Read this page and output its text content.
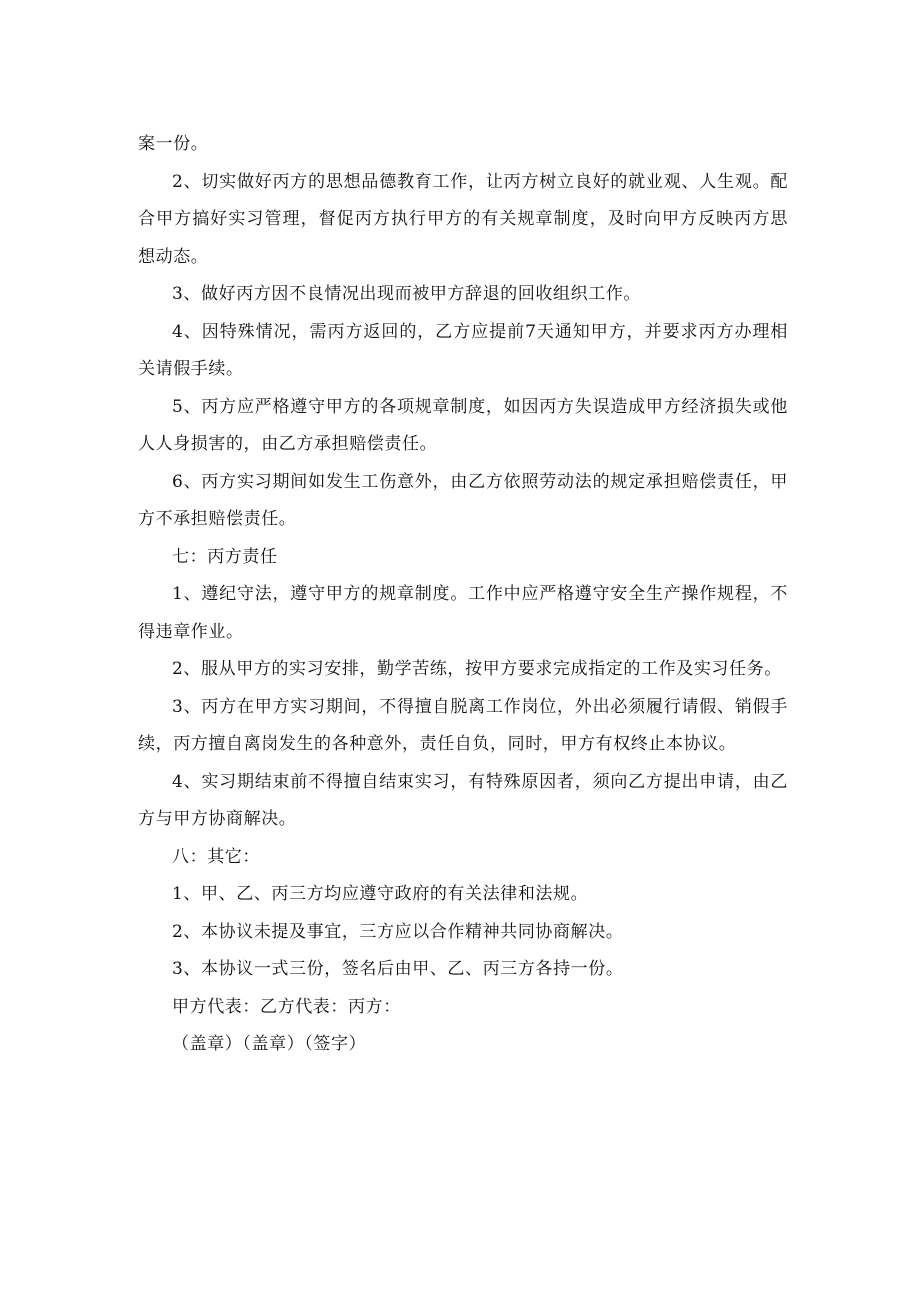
案一份。

2、切实做好丙方的思想品德教育工作，让丙方树立良好的就业观、人生观。配合甲方搞好实习管理，督促丙方执行甲方的有关规章制度，及时向甲方反映丙方思想动态。

3、做好丙方因不良情况出现而被甲方辞退的回收组织工作。

4、因特殊情况，需丙方返回的，乙方应提前7天通知甲方，并要求丙方办理相关请假手续。

5、丙方应严格遵守甲方的各项规章制度，如因丙方失误造成甲方经济损失或他人人身损害的，由乙方承担赔偿责任。

6、丙方实习期间如发生工伤意外，由乙方依照劳动法的规定承担赔偿责任，甲方不承担赔偿责任。

七：丙方责任

1、遵纪守法，遵守甲方的规章制度。工作中应严格遵守安全生产操作规程，不得违章作业。

2、服从甲方的实习安排，勤学苦练，按甲方要求完成指定的工作及实习任务。

3、丙方在甲方实习期间，不得擅自脱离工作岗位，外出必须履行请假、销假手续，丙方擅自离岗发生的各种意外，责任自负，同时，甲方有权终止本协议。

4、实习期结束前不得擅自结束实习，有特殊原因者，须向乙方提出申请，由乙方与甲方协商解决。

八：其它：

1、甲、乙、丙三方均应遵守政府的有关法律和法规。

2、本协议未提及事宜，三方应以合作精神共同协商解决。

3、本协议一式三份，签名后由甲、乙、丙三方各持一份。

甲方代表：乙方代表：丙方：

（盖章）（盖章）（签字）
